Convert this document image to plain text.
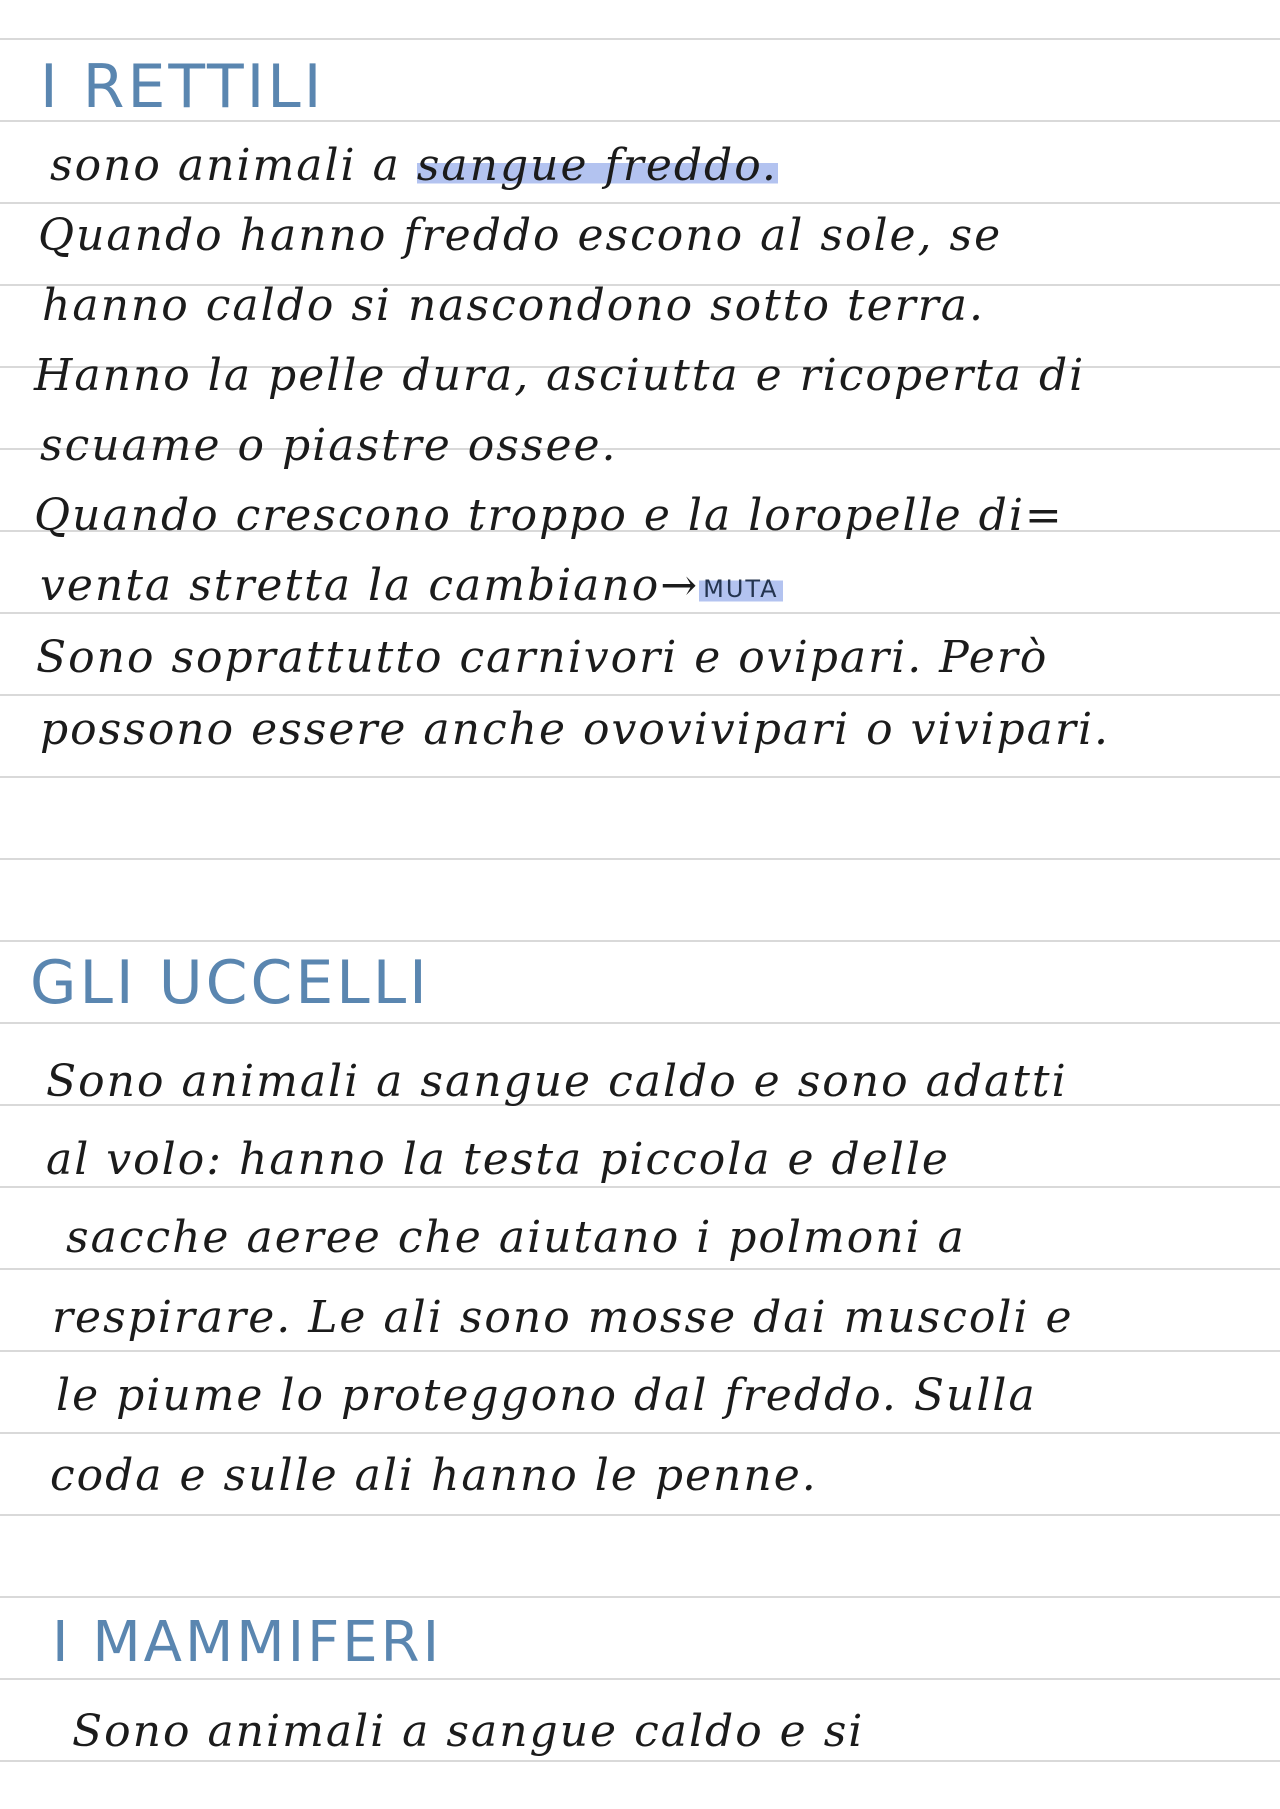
I RETTILI
sono animali a sangue freddo.
Quando hanno freddo escono al sole, se
hanno caldo si nascondono sotto terra.
Hanno la pelle dura, asciutta e ricoperta di
scuame o piastre ossee.
Quando crescono troppo e la loropelle di=
venta stretta la cambiano→ MUTA
Sono soprattutto carnivori e ovipari. Però
possono essere anche ovovivipari o vivipari.
GLI UCCELLI
Sono animali a sangue caldo e sono adatti
al volo: hanno la testa piccola e delle
sacche aeree che aiutano i polmoni a
respirare. Le ali sono mosse dai muscoli e
le piume lo proteggono dal freddo. Sulla
coda e sulle ali hanno le penne.
I MAMMIFERI
Sono animali a sangue caldo e si
